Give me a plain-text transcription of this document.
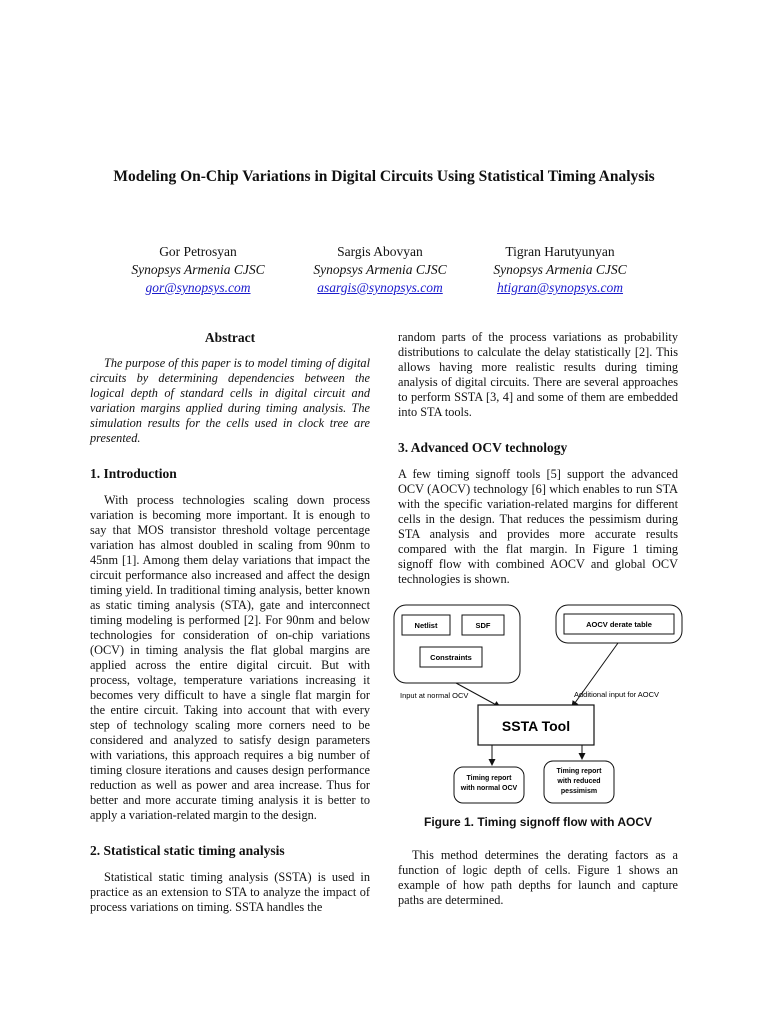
Modeling On-Chip Variations in Digital Circuits Using Statistical Timing Analysis
Gor Petrosyan
Synopsys Armenia CJSC
gor@synopsys.com
Sargis Abovyan
Synopsys Armenia CJSC
asargis@synopsys.com
Tigran Harutyunyan
Synopsys Armenia CJSC
htigran@synopsys.com
Abstract

The purpose of this paper is to model timing of digital circuits by determining dependencies between the logical depth of standard cells in digital circuit and variation margins applied during timing analysis. The simulation results for the cells used in clock tree are presented.

1. Introduction

With process technologies scaling down process variation is becoming more important. It is enough to say that MOS transistor threshold voltage percentage variation has almost doubled in scaling from 90nm to 45nm [1]. Among them delay variations that impact the circuit performance also increased and affect the design timing yield. In traditional timing analysis, better known as static timing analysis (STA), gate and interconnect timing modeling is performed [2]. For 90nm and below technologies for consideration of on-chip variations (OCV) in timing analysis the flat global margins are applied across the entire digital circuit. But with process, voltage, temperature variations increasing it becomes very difficult to have a single flat margin for the entire circuit. Taking into account that with every step of technology scaling more corners need to be considered and analyzed to satisfy design parameters with variations, this approach requires a big number of timing closure iterations and causes design performance reduction as well as power and area increase. Thus for better and more accurate timing analysis it is better to apply a variation-related margin to the design.

2. Statistical static timing analysis

Statistical static timing analysis (SSTA) is used in practice as an extension to STA to analyze the impact of process variations on timing. SSTA handles the

random parts of the process variations as probability distributions to calculate the delay statistically [2]. This allows having more realistic results during timing analysis of digital circuits. There are several approaches to perform SSTA [3, 4] and some of them are embedded into STA tools.

3. Advanced OCV technology

A few timing signoff tools [5] support the advanced OCV (AOCV) technology [6] which enables to run STA with the specific variation-related margins for different cells in the design. That reduces the pessimism during STA analysis and provides more accurate results compared with the flat margin. In Figure 1 timing signoff flow with combined AOCV and global OCV technologies is shown.

Netlist	SDF
Constraints
AOCV derate table
Input at normal OCV	Additional input for AOCV
SSTA Tool
Timing report
with normal OCV
Timing report
with reduced
pessimism
Figure 1. Timing signoff flow with AOCV

This method determines the derating factors as a function of logic depth of cells. Figure 1 shows an example of how path depths for launch and capture paths are determined.
